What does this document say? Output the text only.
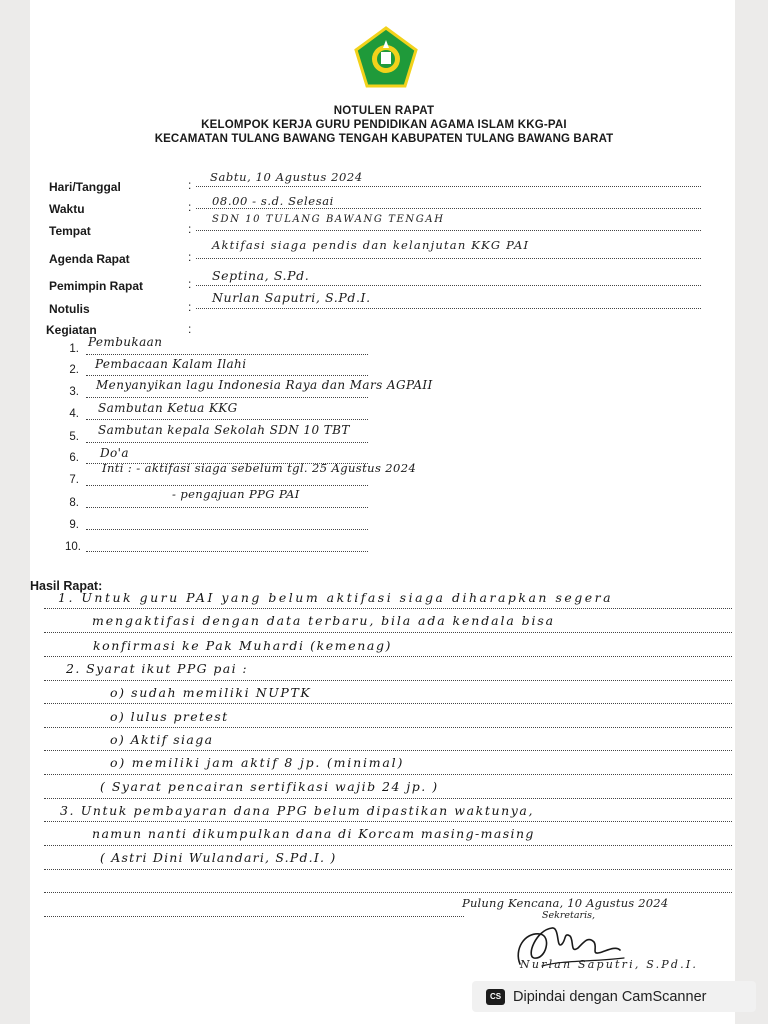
NOTULEN RAPAT
KELOMPOK KERJA GURU PENDIDIKAN AGAMA ISLAM KKG-PAI
KECAMATAN TULANG BAWANG TENGAH KABUPATEN TULANG BAWANG BARAT
Hari/Tanggal	:
Sabtu, 10 Agustus 2024
Waktu	: 08.00 - s.d. Selesai
Tempat	:
SDN 10 TULANG BAWANG TENGAH
Agenda Rapat	:
Aktifasi siaga pendis dan kelanjutan KKG PAI
Pemimpin Rapat	:
Septina, S.Pd.
Notulis	:
Nurlan Saputri, S.Pd.I.
Kegiatan	:
1. Pembukaan
2. Pembacaan Kalam Ilahi
3. Menyanyikan lagu Indonesia Raya dan Mars AGPAII
4. Sambutan Ketua KKG
5. Sambutan kepala Sekolah SDN 10 TBT
6. Do'a
7.
Inti : - aktifasi siaga sebelum tgl. 25 Agustus 2024
8.
- pengajuan PPG PAI
9.
10.
Hasil Rapat:
1. Untuk guru PAI yang belum aktifasi siaga diharapkan segera
mengaktifasi dengan data terbaru, bila ada kendala bisa
konfirmasi ke Pak Muhardi (kemenag)
2. Syarat ikut PPG pai :
o) sudah memiliki NUPTK
o) lulus pretest
o) Aktif siaga
o) memiliki jam aktif 8 jp. (minimal)
( Syarat pencairan sertifikasi wajib 24 jp. )
3. Untuk pembayaran dana PPG belum dipastikan waktunya,
namun nanti dikumpulkan dana di Korcam masing-masing
( Astri Dini Wulandari, S.Pd.I. )
Pulung Kencana, 10 Agustus 2024
Sekretaris,
Nurlan Saputri, S.Pd.I.
CS Dipindai dengan CamScanner
